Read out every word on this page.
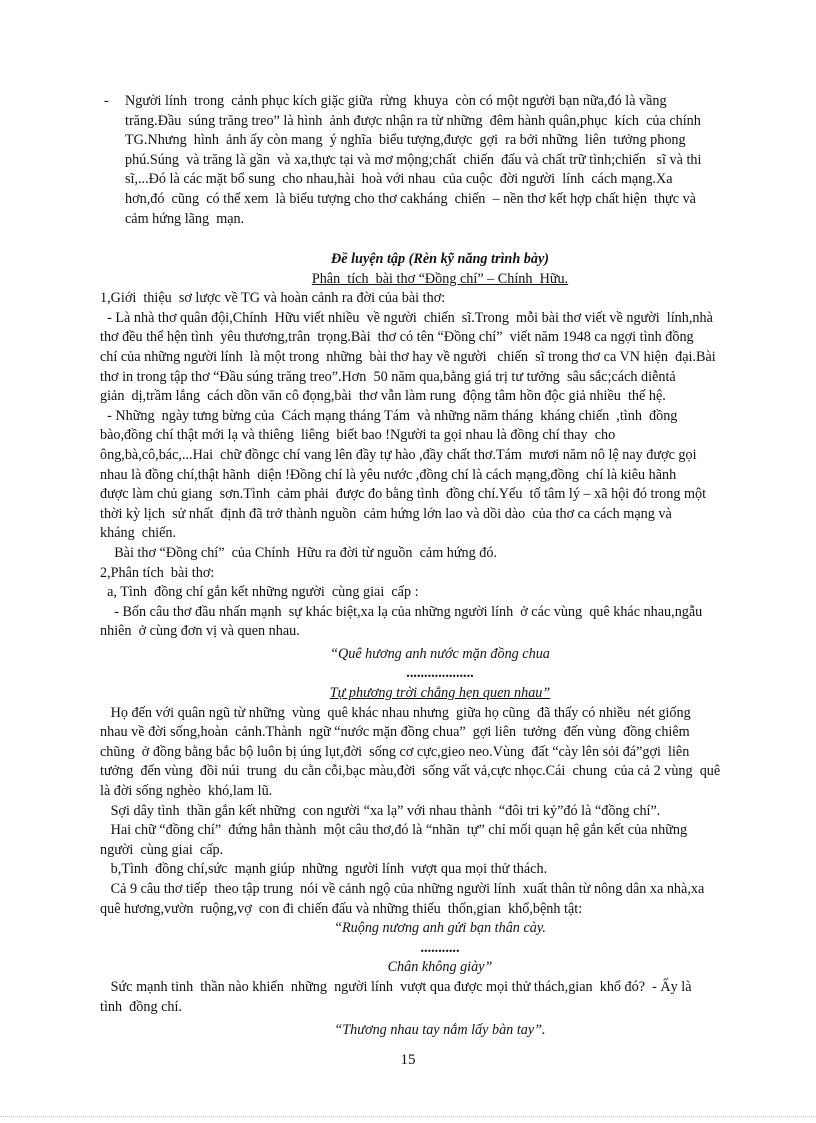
- Người lính  trong  cảnh phục kích giặc giữa  rừng  khuya  còn có một người bạn nữa,đó là vầng

trăng.Đầu  súng trăng treo” là hình  ảnh được nhận ra từ những  đêm hành quân,phục  kích  của chính

TG.Nhưng  hình  ảnh ấy còn mang  ý nghĩa  biểu tượng,được  gợi  ra bởi những  liên  tưởng phong

phú.Súng  và trăng là gần  và xa,thực tại và mơ mộng;chất  chiến  đấu và chất trữ tình;chiến   sĩ và thi

sĩ,...Đó là các mặt bổ sung  cho nhau,hài  hoà với nhau  của cuộc  đời người  lính  cách mạng.Xa

hơn,đó  cũng  có thể xem  là biểu tượng cho thơ cakháng  chiến  – nền thơ kết hợp chất hiện  thực và

cảm hứng lãng  mạn.

Đề luyện tập (Rèn kỹ năng trình bày)

Phân  tích  bài thơ “Đồng chí” – Chính  Hữu.

1,Giới  thiệu  sơ lược về TG và hoàn cảnh ra đời của bài thơ:

- Là nhà thơ quân đội,Chính  Hữu viết nhiều  về người  chiến  sĩ.Trong  mỗi bài thơ viết về người  lính,nhà

thơ đều thể hện tình  yêu thương,trân  trọng.Bài  thơ có tên “Đồng chí”  viết năm 1948 ca ngợi tình đồng

chí của những người lính  là một trong  những  bài thơ hay về người   chiến  sĩ trong thơ ca VN hiện  đại.Bài

thơ in trong tập thơ “Đầu súng trăng treo”.Hơn  50 năm qua,bằng giá trị tư tưởng  sâu sắc;cách diễntả

giản  dị,trầm lắng  cách dồn văn cô đọng,bài  thơ vẫn làm rung  động tâm hồn độc giả nhiều  thế hệ.

- Những  ngày tưng bừng của  Cách mạng tháng Tám  và những năm tháng  kháng chiến  ,tình  đồng

bào,đồng chí thật mới lạ và thiêng  liêng  biết bao !Người ta gọi nhau là đồng chí thay  cho

ông,bà,cô,bác,...Hai  chữ đồngc chí vang lên đầy tự hào ,đầy chất thơ.Tám  mươi năm nô lệ nay được gọi

nhau là đồng chí,thật hãnh  diện !Đồng chí là yêu nước ,đồng chí là cách mạng,đồng  chí là kiêu hãnh

được làm chủ giang  sơn.Tình  cảm phải  được đo bằng tình  đồng chí.Yếu  tố tâm lý – xã hội đó trong một

thời kỳ lịch  sử nhất  định đã trở thành nguồn  cảm hứng lớn lao và dồi dào  của thơ ca cách mạng và

kháng  chiến.

Bài thơ “Đồng chí”  của Chính  Hữu ra đời từ nguồn  cảm hứng đó.

2,Phân tích  bài thơ:

a, Tình  đồng chí gắn kết những người  cùng giai  cấp :

- Bốn câu thơ đầu nhấn mạnh  sự khác biệt,xa lạ của những người lính  ở các vùng  quê khác nhau,ngẫu

nhiên  ở cùng đơn vị và quen nhau.

“Quê hương anh nước mặn đồng chua

...................

Tự phương trời chẳng hẹn quen nhau”

Họ đến với quân ngũ từ những  vùng  quê khác nhau nhưng  giữa họ cũng  đã thấy có nhiều  nét giống

nhau về đời sống,hoàn  cảnh.Thành  ngữ “nước mặn đồng chua”  gợi liên  tưởng  đến vùng  đồng chiêm

chũng  ở đồng bằng bắc bộ luôn bị úng lụt,đời  sống cơ cực,gieo neo.Vùng  đất “cày lên sỏi đá”gợi  liên

tưởng  đến vùng  đồi núi  trung  du cằn cỗi,bạc màu,đời  sống vất vả,cực nhọc.Cái  chung  của cả 2 vùng  quê

là đời sống nghèo  khó,lam lũ.

Sợi dây tình  thần gắn kết những  con người “xa lạ” với nhau thành  “đôi tri kỷ”đó là “đồng chí”.

Hai chữ “đồng chí”  đứng hẳn thành  một câu thơ,đó là “nhãn  tự” chỉ mối quạn hệ gắn kết của những

người  cùng giai  cấp.

b,Tình  đồng chí,sức  mạnh giúp  những  người lính  vượt qua mọi thử thách.

Cả 9 câu thơ tiếp  theo tập trung  nói về cảnh ngộ của những người lính  xuất thân từ nông dân xa nhà,xa

quê hương,vườn  ruộng,vợ  con đi chiến đấu và những thiếu  thốn,gian  khổ,bệnh tật:

“Ruộng nương anh gửi bạn thân cày.

...........

Chân không giày”

Sức mạnh tinh  thần nào khiến  những  người lính  vượt qua được mọi thử thách,gian  khổ đó?  - Ấy là

tình  đồng chí.

“Thương nhau tay nắm lấy bàn tay”.

15
